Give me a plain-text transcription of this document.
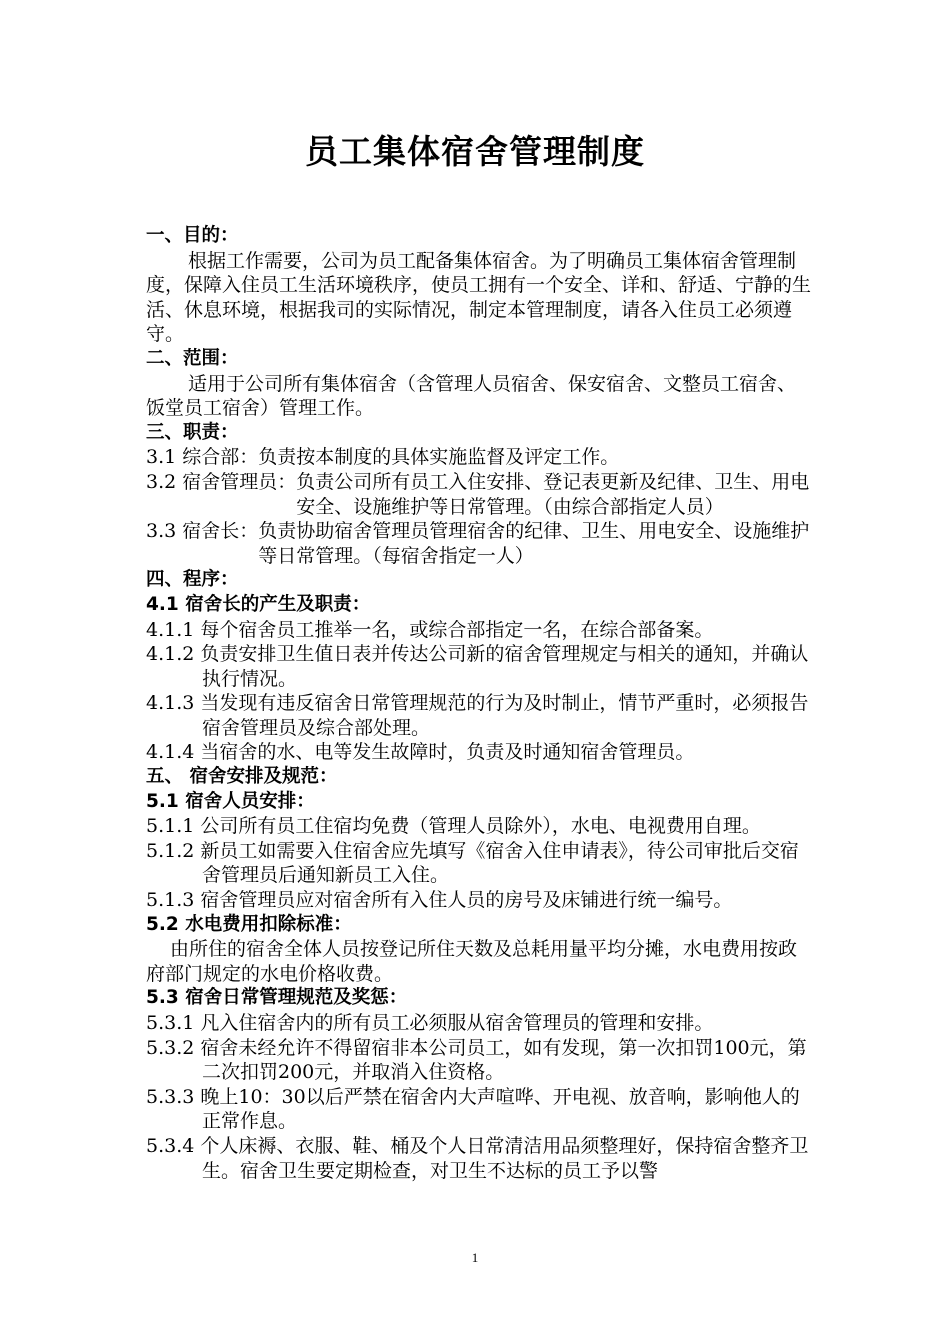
员工集体宿舍管理制度
一、目的：
根据工作需要，公司为员工配备集体宿舍。为了明确员工集体宿舍管理制度，保障入住员工生活环境秩序，使员工拥有一个安全、详和、舒适、宁静的生活、休息环境，根据我司的实际情况，制定本管理制度，请各入住员工必须遵守。
二、范围：
适用于公司所有集体宿舍（含管理人员宿舍、保安宿舍、文整员工宿舍、饭堂员工宿舍）管理工作。
三、职责：
3.1 综合部： 负责按本制度的具体实施监督及评定工作。
3.2 宿舍管理员： 负责公司所有员工入住安排、登记表更新及纪律、卫生、用电安全、设施维护等日常管理。（由综合部指定人员）
3.3 宿舍长： 负责协助宿舍管理员管理宿舍的纪律、卫生、用电安全、设施维护等日常管理。（每宿舍指定一人）
四、程序：
4.1 宿舍长的产生及职责：
4.1.1 每个宿舍员工推举一名，或综合部指定一名，在综合部备案。
4.1.2 负责安排卫生值日表并传达公司新的宿舍管理规定与相关的通知，并确认执行情况。
4.1.3 当发现有违反宿舍日常管理规范的行为及时制止，情节严重时，必须报告宿舍管理员及综合部处理。
4.1.4 当宿舍的水、电等发生故障时，负责及时通知宿舍管理员。
五、 宿舍安排及规范：
5.1 宿舍人员安排：
5.1.1 公司所有员工住宿均免费（管理人员除外），水电、电视费用自理。
5.1.2 新员工如需要入住宿舍应先填写《宿舍入住申请表》，待公司审批后交宿舍管理员后通知新员工入住。
5.1.3 宿舍管理员应对宿舍所有入住人员的房号及床铺进行统一编号。
5.2 水电费用扣除标准：
由所住的宿舍全体人员按登记所住天数及总耗用量平均分摊，水电费用按政府部门规定的水电价格收费。
5.3 宿舍日常管理规范及奖惩：
5.3.1 凡入住宿舍内的所有员工必须服从宿舍管理员的管理和安排。
5.3.2 宿舍未经允许不得留宿非本公司员工，如有发现，第一次扣罚100元，第二次扣罚200元，并取消入住资格。
5.3.3 晚上10：30以后严禁在宿舍内大声喧哗、开电视、放音响，影响他人的正常作息。
5.3.4 个人床褥、衣服、鞋、桶及个人日常清洁用品须整理好，保持宿舍整齐卫生。宿舍卫生要定期检查，对卫生不达标的员工予以警
1
